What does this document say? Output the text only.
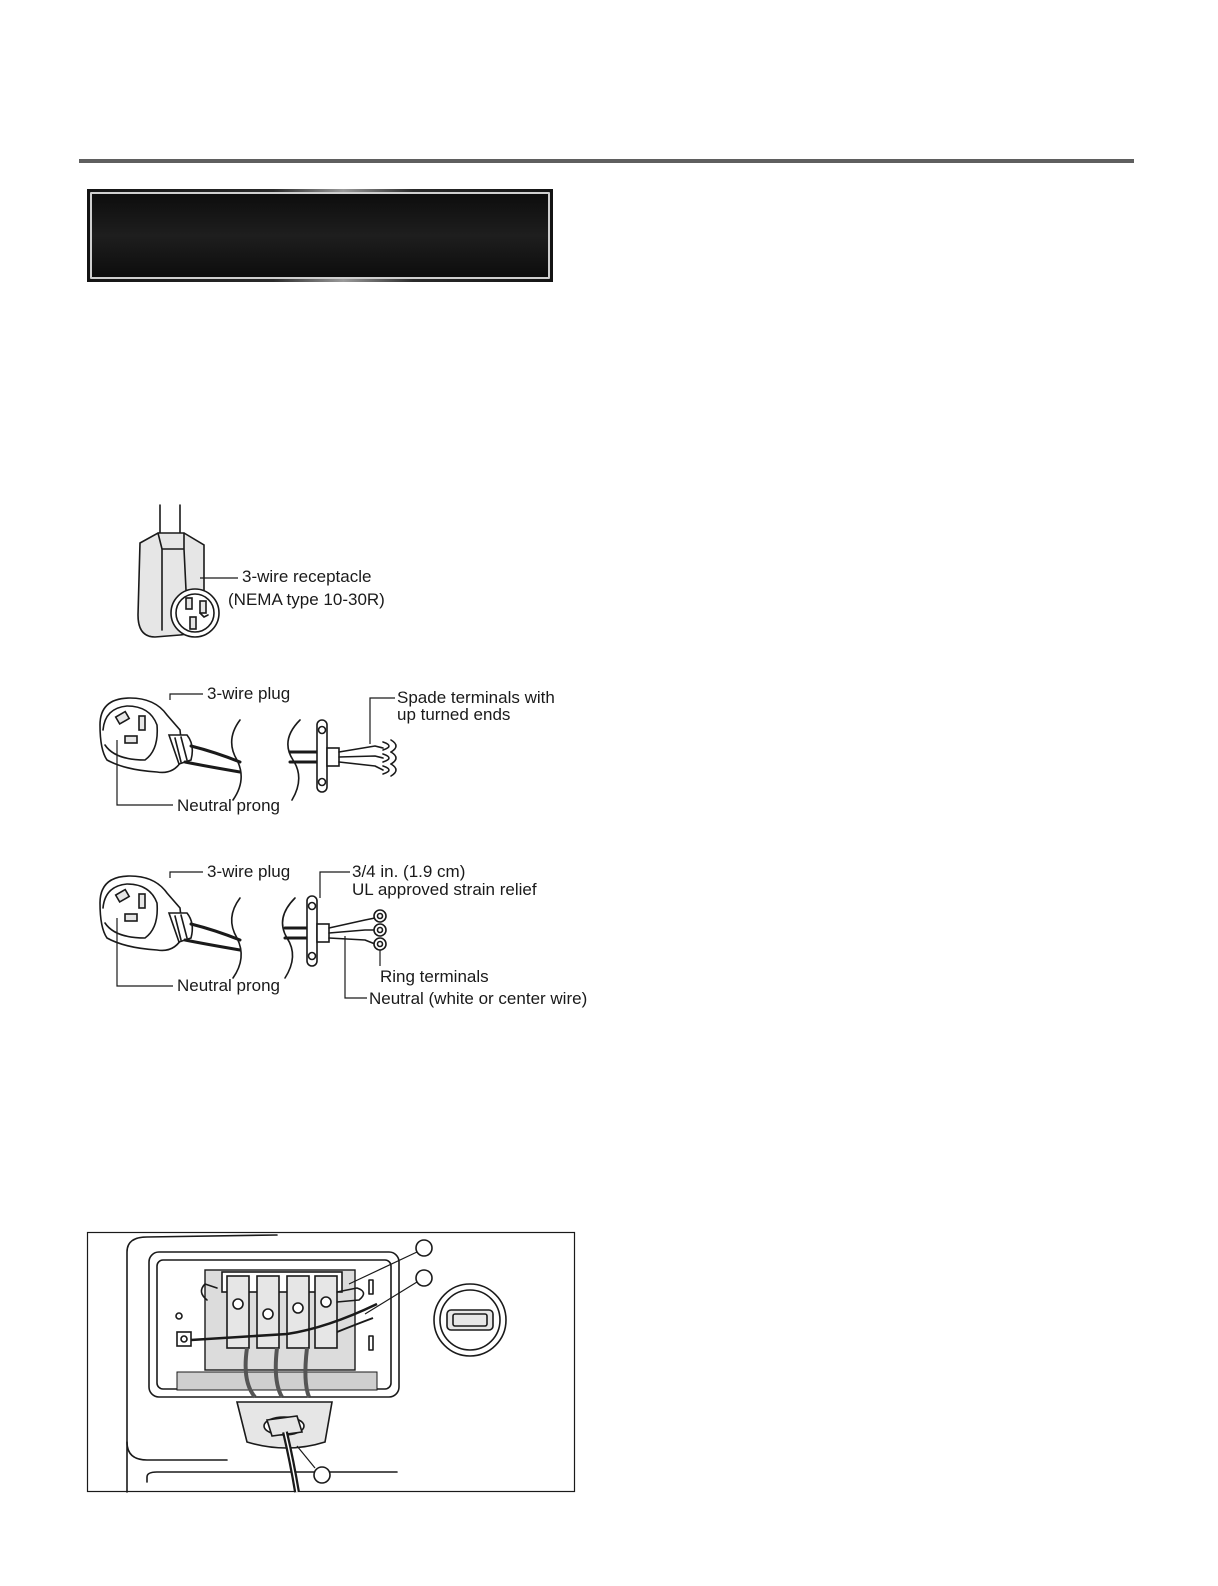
3-wire receptacle
(NEMA type 10-30R)
3-wire plug	Spade terminals with
up turned ends
Neutral prong
3-wire plug	3/4 in. (1.9 cm)
UL approved strain relief
Ring terminals
Neutral (white or center wire)
Neutral prong
